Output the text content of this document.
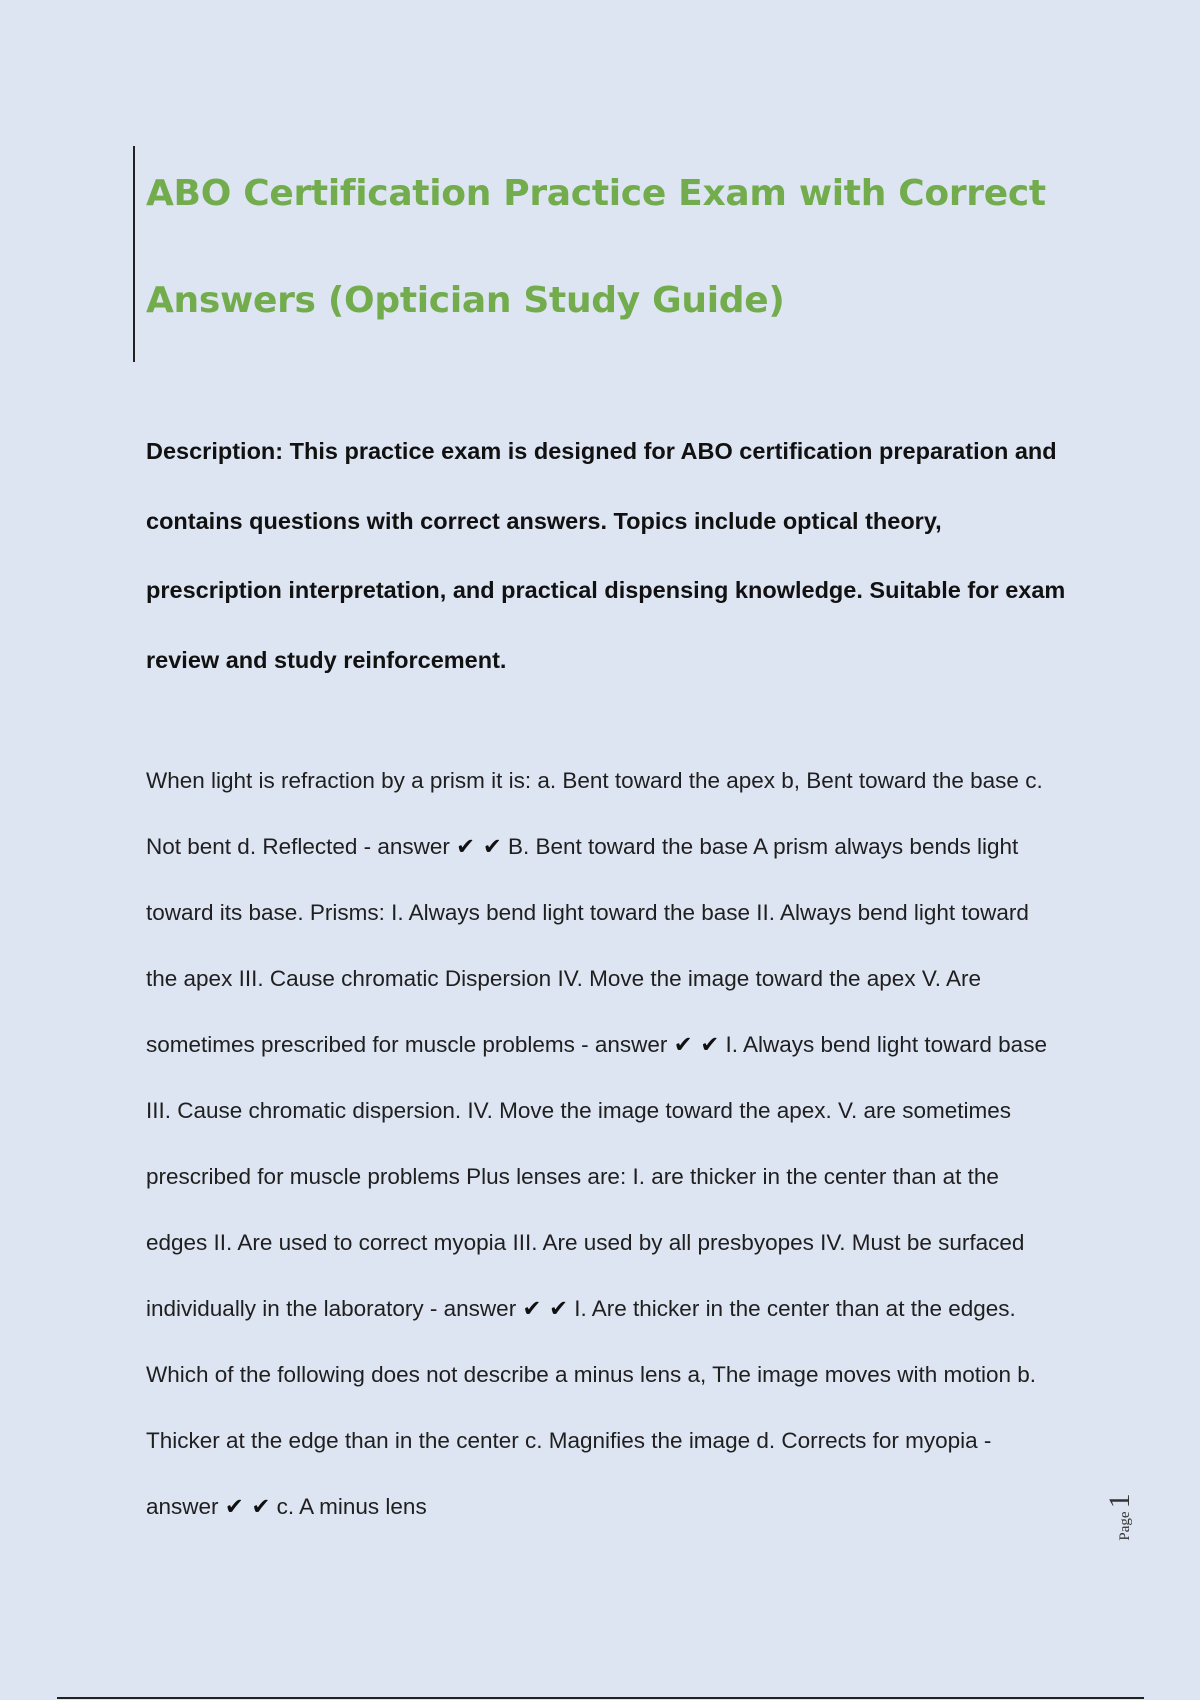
ABO Certification Practice Exam with Correct Answers (Optician Study Guide)

Description: This practice exam is designed for ABO certification preparation and contains questions with correct answers. Topics include optical theory, prescription interpretation, and practical dispensing knowledge. Suitable for exam review and study reinforcement.

When light is refraction by a prism it is: a. Bent toward the apex b, Bent toward the base c. Not bent d. Reflected - answer ✔ ✔ B. Bent toward the base A prism always bends light toward its base. Prisms: I. Always bend light toward the base II. Always bend light toward the apex III. Cause chromatic Dispersion IV. Move the image toward the apex V. Are sometimes prescribed for muscle problems - answer ✔ ✔ I. Always bend light toward base III. Cause chromatic dispersion. IV. Move the image toward the apex. V. are sometimes prescribed for muscle problems Plus lenses are: I. are thicker in the center than at the edges II. Are used to correct myopia III. Are used by all presbyopes IV. Must be surfaced individually in the laboratory - answer ✔ ✔ I. Are thicker in the center than at the edges. Which of the following does not describe a minus lens a, The image moves with motion b. Thicker at the edge than in the center c. Magnifies the image d. Corrects for myopia - answer ✔ ✔ c. A minus lens

Page
1
